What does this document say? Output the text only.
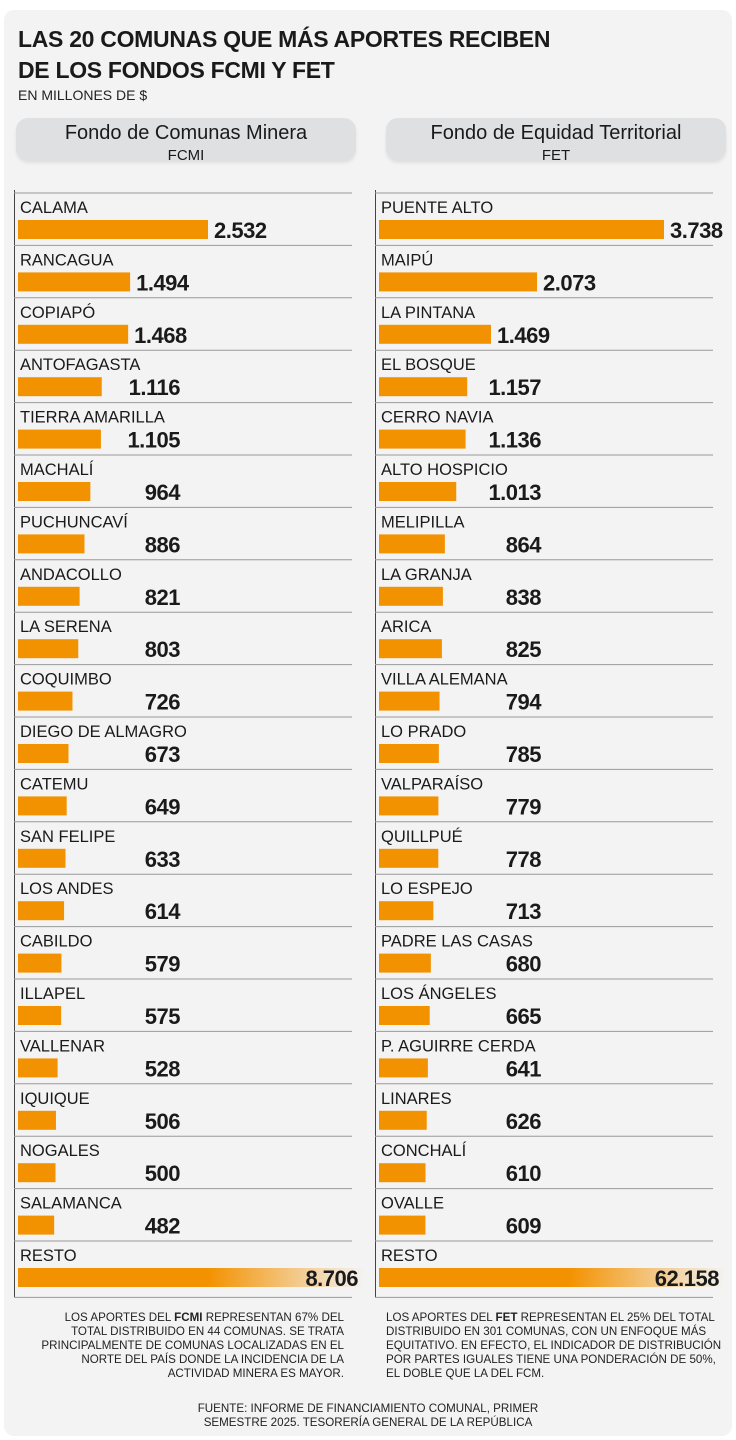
LAS 20 COMUNAS QUE MÁS APORTES RECIBEN
DE LOS FONDOS FCMI Y FET
EN MILLONES DE $
Fondo de Comunas Minera
FCMI
Fondo de Equidad Territorial
FET
CALAMA
2.532
RANCAGUA
1.494
COPIAPÓ
1.468
ANTOFAGASTA
1.116
TIERRA AMARILLA
1.105
MACHALÍ
964
PUCHUNCAVÍ
886
ANDACOLLO
821
LA SERENA
803
COQUIMBO
726
DIEGO DE ALMAGRO
673
CATEMU
649
SAN FELIPE
633
LOS ANDES
614
CABILDO
579
ILLAPEL
575
VALLENAR
528
IQUIQUE
506
NOGALES
500
SALAMANCA
482
RESTO
8.706
PUENTE ALTO
3.738
MAIPÚ
2.073
LA PINTANA
1.469
EL BOSQUE
1.157
CERRO NAVIA
1.136
ALTO HOSPICIO
1.013
MELIPILLA
864
LA GRANJA
838
ARICA
825
VILLA ALEMANA
794
LO PRADO
785
VALPARAÍSO
779
QUILLPUÉ
778
LO ESPEJO
713
PADRE LAS CASAS
680
LOS ÁNGELES
665
P. AGUIRRE CERDA
641
LINARES
626
CONCHALÍ
610
OVALLE
609
RESTO
62.158
LOS APORTES DEL FCMI REPRESENTAN 67% DEL TOTAL DISTRIBUIDO EN 44 COMUNAS. SE TRATA PRINCIPALMENTE DE COMUNAS LOCALIZADAS EN EL NORTE DEL PAÍS DONDE LA INCIDENCIA DE LA ACTIVIDAD MINERA ES MAYOR.
LOS APORTES DEL FET REPRESENTAN EL 25% DEL TOTAL DISTRIBUIDO EN 301 COMUNAS, CON UN ENFOQUE MÁS EQUITATIVO. EN EFECTO, EL INDICADOR DE DISTRIBUCIÓN POR PARTES IGUALES TIENE UNA PONDERACIÓN DE 50%, EL DOBLE QUE LA DEL FCM.
FUENTE: INFORME DE FINANCIAMIENTO COMUNAL, PRIMER
SEMESTRE 2025. TESORERÍA GENERAL DE LA REPÚBLICA
